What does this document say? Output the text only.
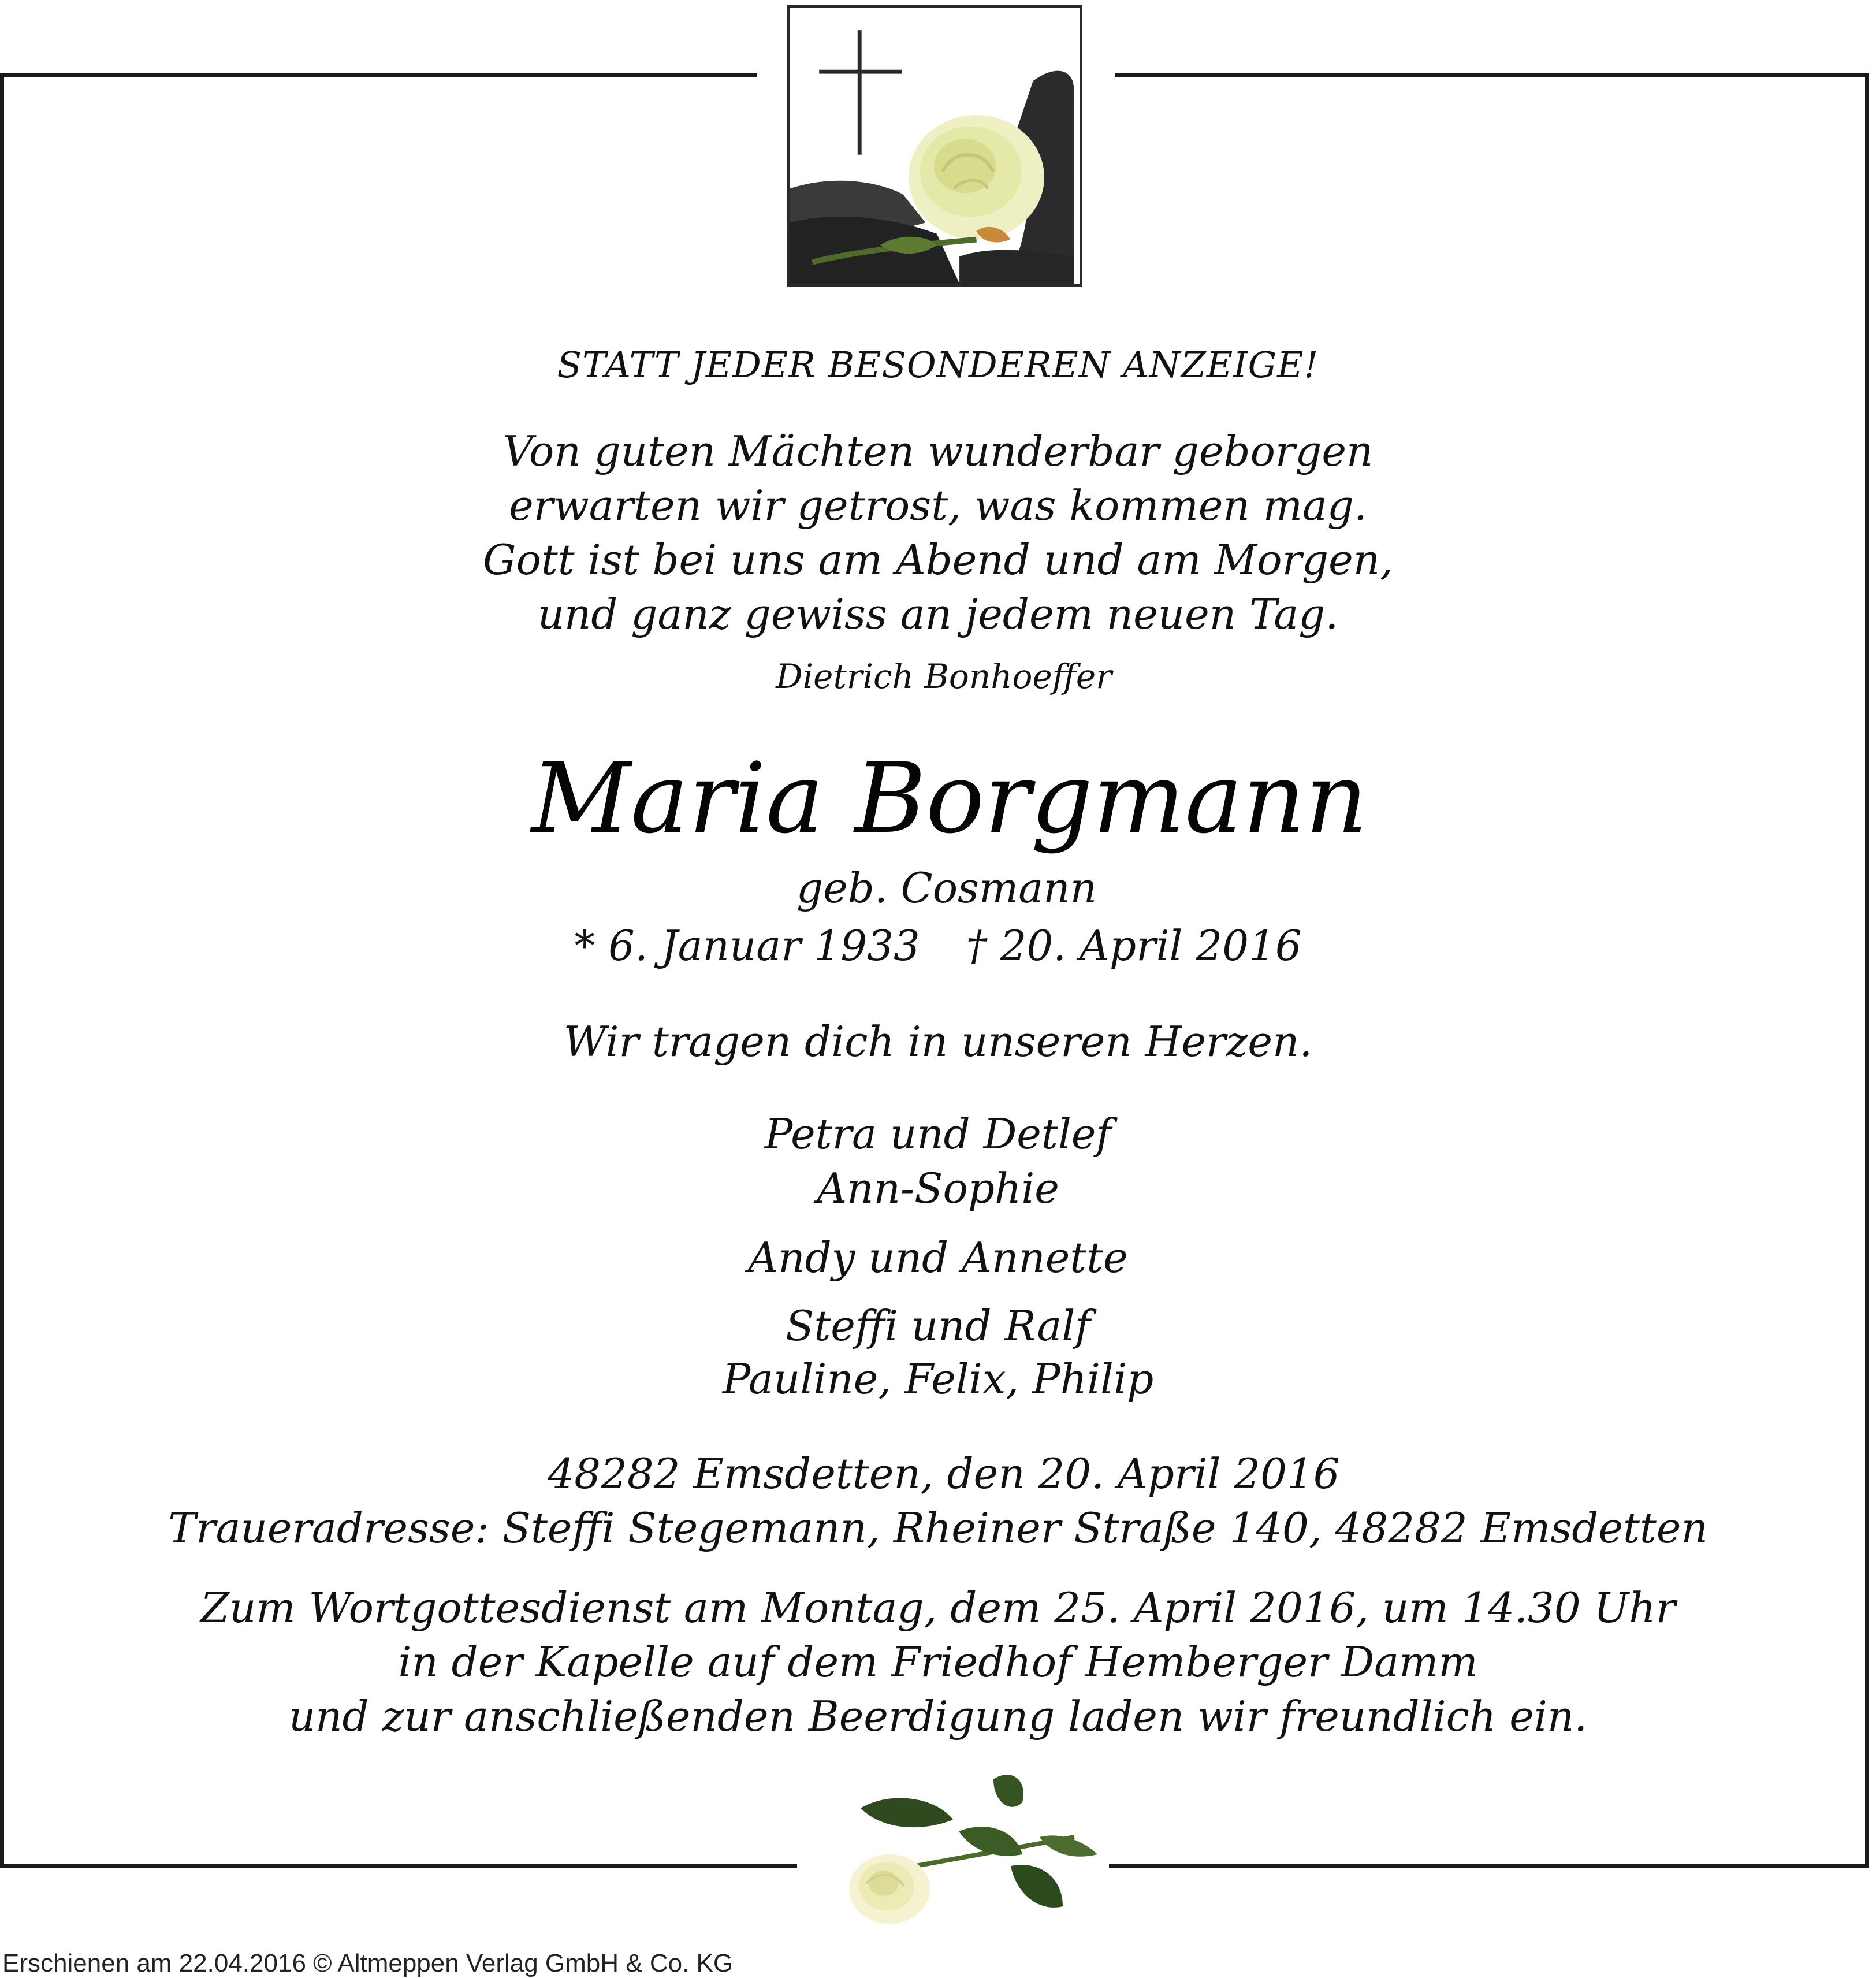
STATT JEDER BESONDEREN ANZEIGE!
Von guten Mächten wunderbar geborgen
erwarten wir getrost, was kommen mag.
Gott ist bei uns am Abend und am Morgen,
und ganz gewiss an jedem neuen Tag.
Dietrich Bonhoeffer
Maria Borgmann
geb. Cosmann
* 6. Januar 1933 † 20. April 2016
Wir tragen dich in unseren Herzen.
Petra und Detlef
Ann-Sophie
Andy und Annette
Steffi und Ralf
Pauline, Felix, Philip
48282 Emsdetten, den 20. April 2016
Traueradresse: Steffi Stegemann, Rheiner Straße 140, 48282 Emsdetten
Zum Wortgottesdienst am Montag, dem 25. April 2016, um 14.30 Uhr
in der Kapelle auf dem Friedhof Hemberger Damm
und zur anschließenden Beerdigung laden wir freundlich ein.
Erschienen am 22.04.2016 © Altmeppen Verlag GmbH & Co. KG
